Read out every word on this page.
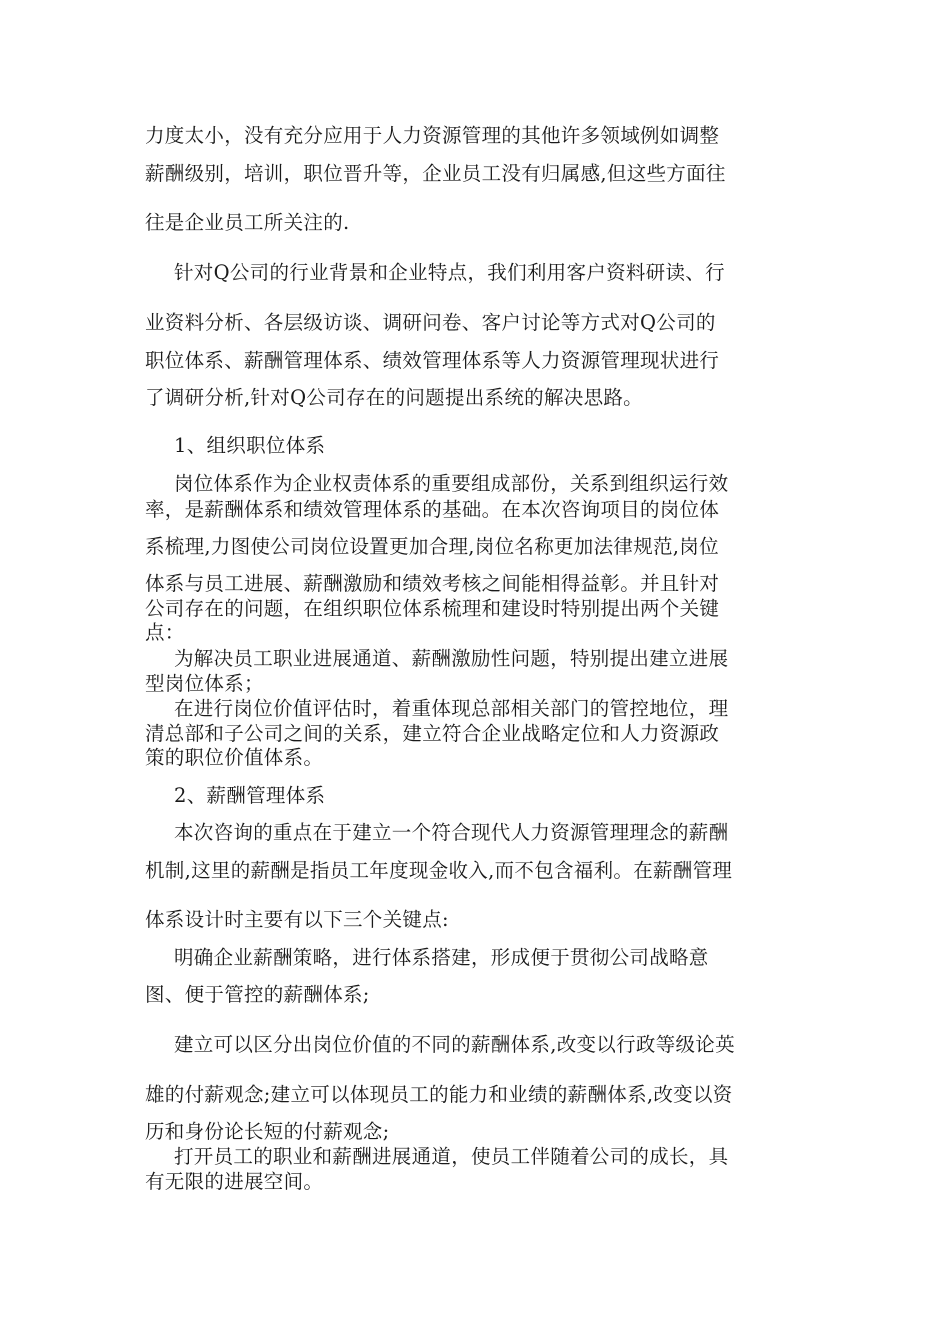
力度太小，没有充分应用于人力资源管理的其他许多领域例如调整
薪酬级别，培训，职位晋升等，企业员工没有归属感,但这些方面往
往是企业员工所关注的.
针对Q公司的行业背景和企业特点，我们利用客户资料研读、行
业资料分析、各层级访谈、调研问卷、客户讨论等方式对Q公司的
职位体系、薪酬管理体系、绩效管理体系等人力资源管理现状进行
了调研分析,针对Q公司存在的问题提出系统的解决思路。
1、组织职位体系
岗位体系作为企业权责体系的重要组成部份，关系到组织运行效
率，是薪酬体系和绩效管理体系的基础。在本次咨询项目的岗位体
系梳理,力图使公司岗位设置更加合理,岗位名称更加法律规范,岗位
体系与员工进展、薪酬激励和绩效考核之间能相得益彰。并且针对
公司存在的问题，在组织职位体系梳理和建设时特别提出两个关键
点：
为解决员工职业进展通道、薪酬激励性问题，特别提出建立进展
型岗位体系；
在进行岗位价值评估时，着重体现总部相关部门的管控地位，理
清总部和子公司之间的关系，建立符合企业战略定位和人力资源政
策的职位价值体系。
2、薪酬管理体系
本次咨询的重点在于建立一个符合现代人力资源管理理念的薪酬
机制,这里的薪酬是指员工年度现金收入,而不包含福利。在薪酬管理
体系设计时主要有以下三个关键点:
明确企业薪酬策略，进行体系搭建，形成便于贯彻公司战略意
图、便于管控的薪酬体系;
建立可以区分出岗位价值的不同的薪酬体系,改变以行政等级论英
雄的付薪观念;建立可以体现员工的能力和业绩的薪酬体系,改变以资
历和身份论长短的付薪观念;
打开员工的职业和薪酬进展通道，使员工伴随着公司的成长，具
有无限的进展空间。
